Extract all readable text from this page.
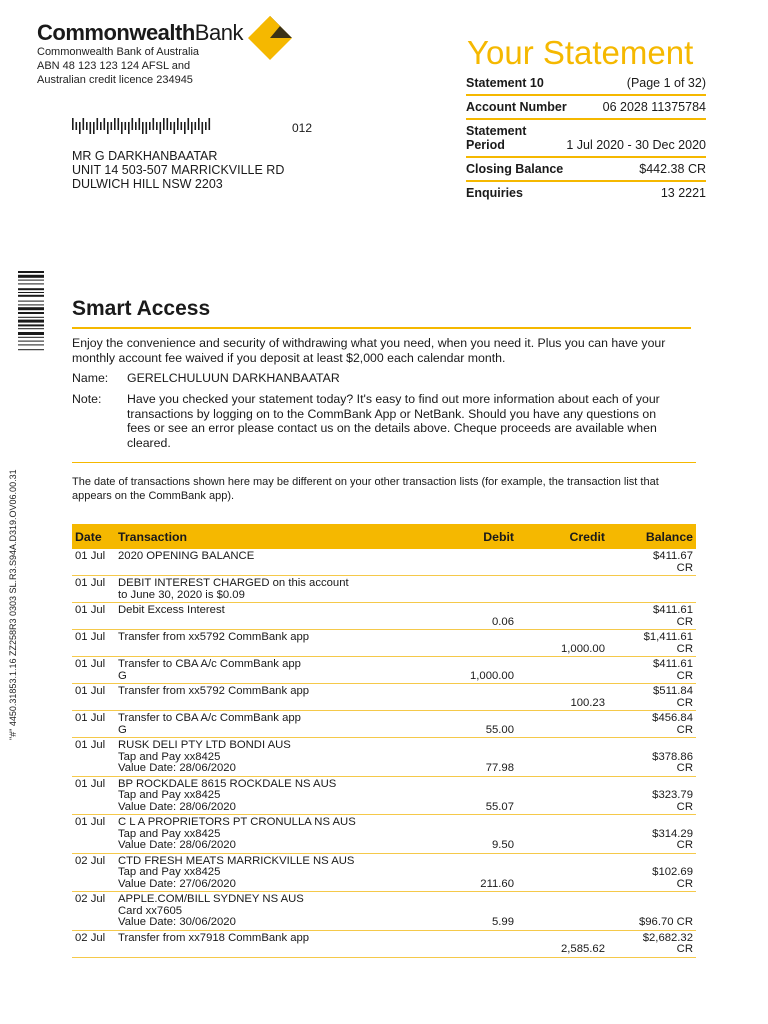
CommonwealthBank
Commonwealth Bank of Australia
ABN 48 123 123 124 AFSL and
Australian credit licence 234945
Your Statement
Statement 10	(Page 1 of 32)
Account Number	06 2028 11375784
Statement
Period	1 Jul 2020 - 30 Dec 2020
Closing Balance	$442.38 CR
Enquiries	13 2221
012
MR G DARKHANBAATAR
UNIT 14 503-507 MARRICKVILLE RD
DULWICH HILL NSW 2203
"#" 4450.31853.1.16 ZZ258R3 0303 SL.R3.S94A.D319.OV06.00.31
Smart Access
Enjoy the convenience and security of withdrawing what you need, when you need it. Plus you can have your monthly account fee waived if you deposit at least $2,000 each calendar month.
Name:	GERELCHULUUN DARKHANBAATAR
Note:	Have you checked your statement today? It's easy to find out more information about each of your transactions by logging on to the CommBank App or NetBank. Should you have any questions on fees or see an error please contact us on the details above. Cheque proceeds are available when cleared.
The date of transactions shown here may be different on your other transaction lists (for example, the transaction list that appears on the CommBank app).
Date	Transaction	Debit	Credit	Balance
01 Jul	2020 OPENING BALANCE			$411.67 CR
01 Jul	DEBIT INTEREST CHARGED on this account
to June 30, 2020 is $0.09			

01 Jul	Debit Excess Interest	0.06		$411.61 CR
01 Jul	Transfer from xx5792 CommBank app		1,000.00	$1,411.61 CR
01 Jul	Transfer to CBA A/c CommBank app
G	1,000.00		$411.61 CR
01 Jul	Transfer from xx5792 CommBank app		100.23	$511.84 CR
01 Jul	Transfer to CBA A/c CommBank app
G	55.00		$456.84 CR
01 Jul	RUSK DELI PTY LTD BONDI AUS
Tap and Pay xx8425
Value Date: 28/06/2020	77.98		$378.86 CR
01 Jul	BP ROCKDALE 8615 ROCKDALE NS AUS
Tap and Pay xx8425
Value Date: 28/06/2020	55.07		$323.79 CR
01 Jul	C L A PROPRIETORS PT CRONULLA NS AUS
Tap and Pay xx8425
Value Date: 28/06/2020	9.50		$314.29 CR
02 Jul	CTD FRESH MEATS MARRICKVILLE NS AUS
Tap and Pay xx8425
Value Date: 27/06/2020	211.60		$102.69 CR
02 Jul	APPLE.COM/BILL SYDNEY NS AUS
Card xx7605
Value Date: 30/06/2020	5.99		$96.70 CR
02 Jul	Transfer from xx7918 CommBank app		2,585.62	$2,682.32 CR
